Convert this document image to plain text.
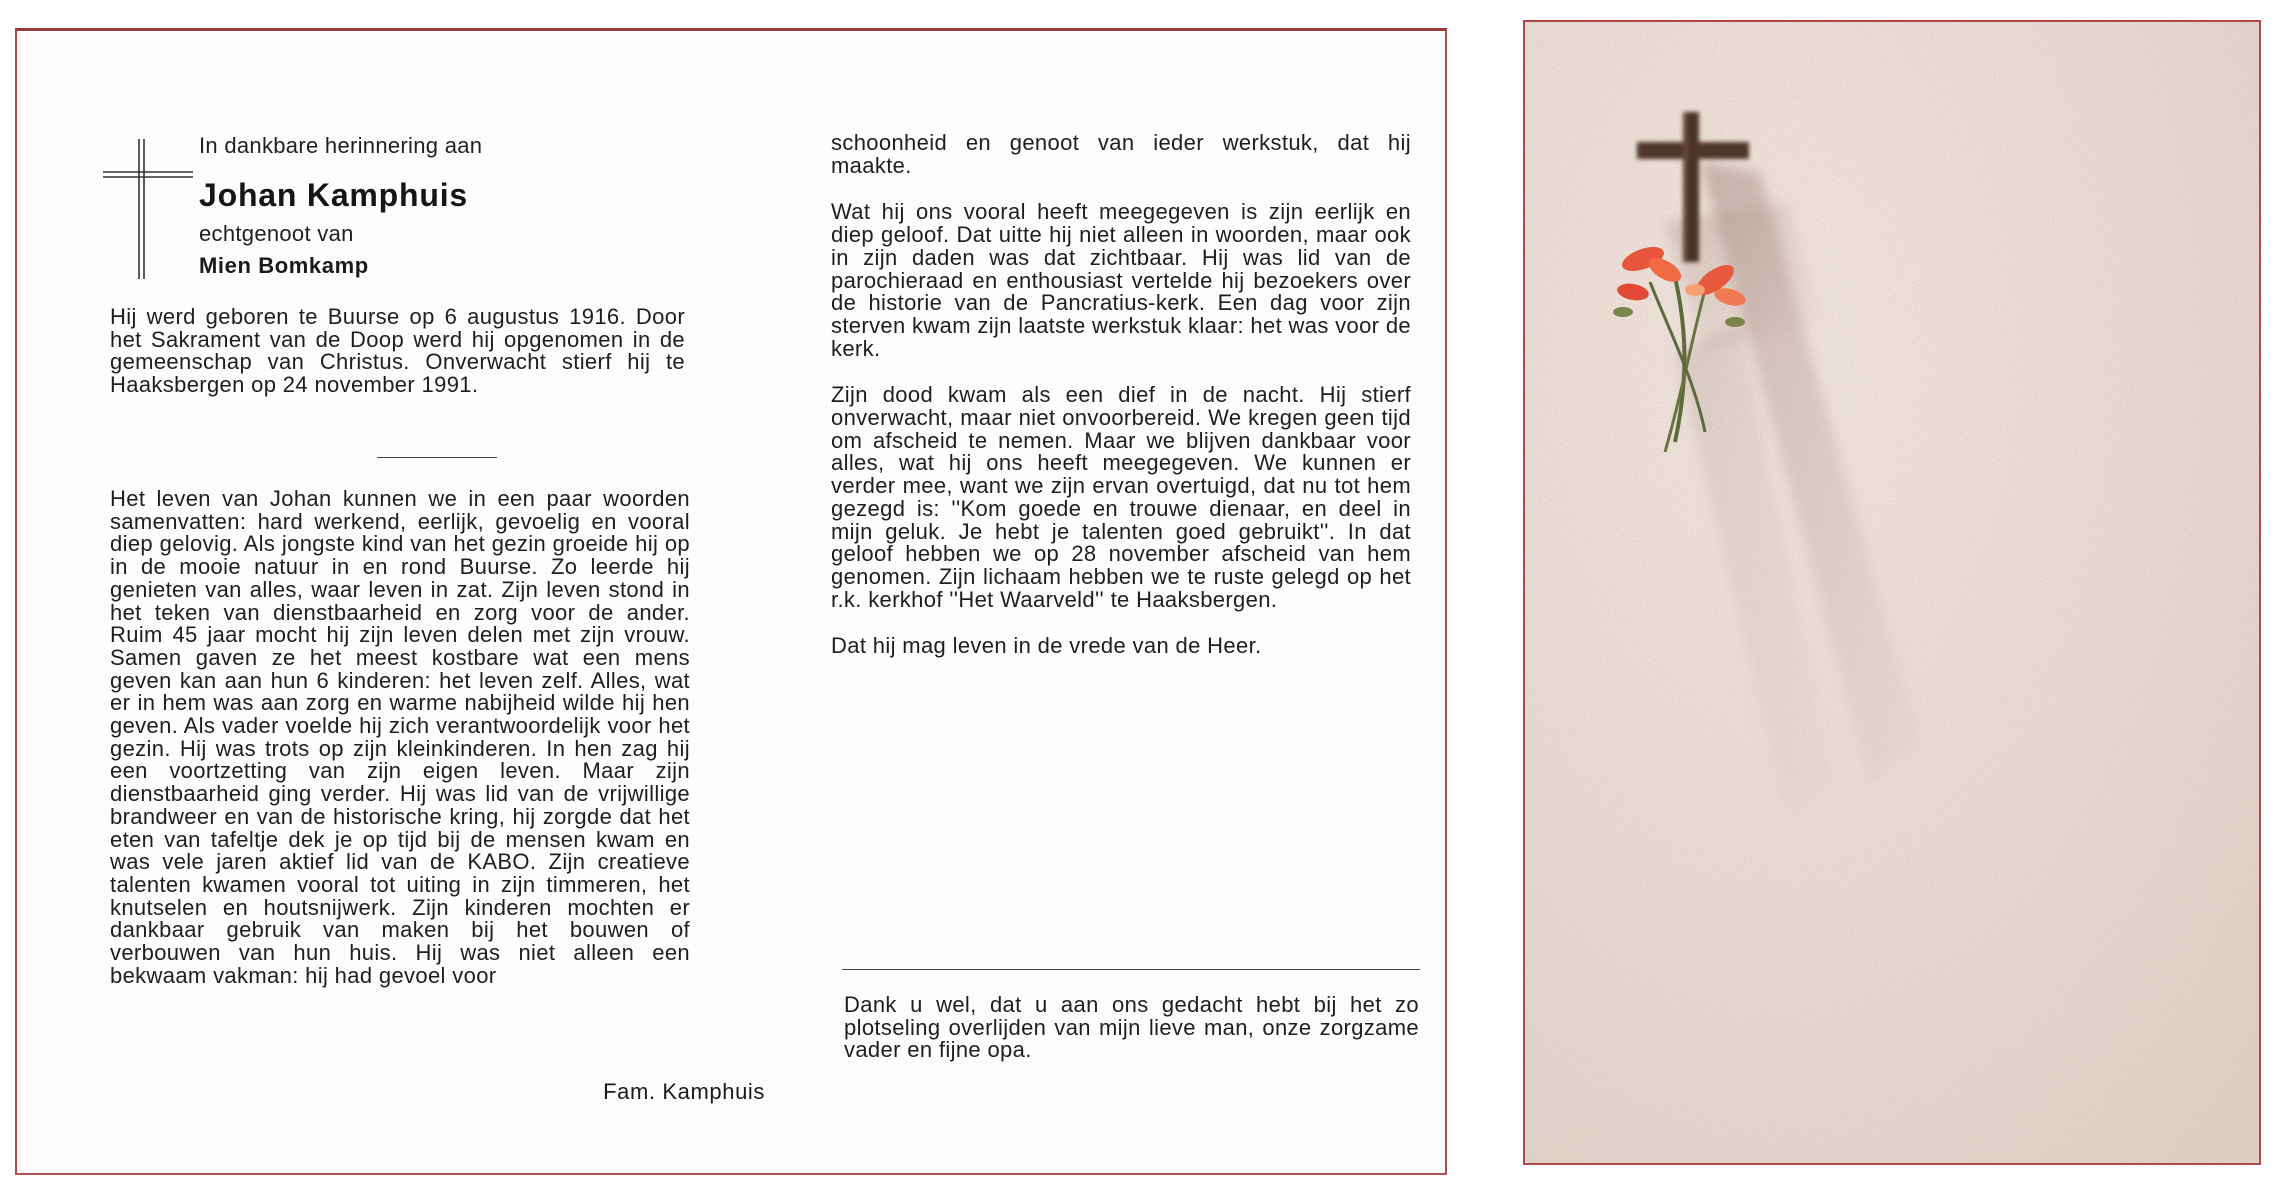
In dankbare herinnering aan
Johan Kamphuis
echtgenoot van
Mien Bomkamp

Hij werd geboren te Buurse op 6 augustus 1916. Door het Sakrament van de Doop werd hij opgenomen in de gemeenschap van Christus. Onverwacht stierf hij te Haaksbergen op 24 november 1991.

Het leven van Johan kunnen we in een paar woorden samenvatten: hard werkend, eerlijk, gevoelig en vooral diep gelovig. Als jongste kind van het gezin groeide hij op in de mooie natuur in en rond Buurse. Zo leerde hij genieten van alles, waar leven in zat. Zijn leven stond in het teken van dienstbaarheid en zorg voor de ander. Ruim 45 jaar mocht hij zijn leven delen met zijn vrouw. Samen gaven ze het meest kostbare wat een mens geven kan aan hun 6 kinderen: het leven zelf. Alles, wat er in hem was aan zorg en warme nabijheid wilde hij hen geven. Als vader voelde hij zich verantwoordelijk voor het gezin. Hij was trots op zijn kleinkinderen. In hen zag hij een voortzetting van zijn eigen leven. Maar zijn dienstbaarheid ging verder. Hij was lid van de vrijwillige brandweer en van de historische kring, hij zorgde dat het eten van tafeltje dek je op tijd bij de mensen kwam en was vele jaren aktief lid van de KABO. Zijn creatieve talenten kwamen vooral tot uiting in zijn timmeren, het knutselen en houtsnijwerk. Zijn kinderen mochten er dankbaar gebruik van maken bij het bouwen of verbouwen van hun huis. Hij was niet alleen een bekwaam vakman: hij had gevoel voor

schoonheid en genoot van ieder werkstuk, dat hij maakte.

Wat hij ons vooral heeft meegegeven is zijn eerlijk en diep geloof. Dat uitte hij niet alleen in woorden, maar ook in zijn daden was dat zichtbaar. Hij was lid van de parochieraad en enthousiast vertelde hij bezoekers over de historie van de Pancratius-kerk. Een dag voor zijn sterven kwam zijn laatste werkstuk klaar: het was voor de kerk.

Zijn dood kwam als een dief in de nacht. Hij stierf onverwacht, maar niet onvoorbereid. We kregen geen tijd om afscheid te nemen. Maar we blijven dankbaar voor alles, wat hij ons heeft meegegeven. We kunnen er verder mee, want we zijn ervan overtuigd, dat nu tot hem gezegd is: ''Kom goede en trouwe dienaar, en deel in mijn geluk. Je hebt je talenten goed gebruikt''. In dat geloof hebben we op 28 november afscheid van hem genomen. Zijn lichaam hebben we te ruste gelegd op het r.k. kerkhof ''Het Waarveld'' te Haaksbergen.

Dat hij mag leven in de vrede van de Heer.

Dank u wel, dat u aan ons gedacht hebt bij het zo plotseling overlijden van mijn lieve man, onze zorgzame vader en fijne opa.

Fam. Kamphuis
